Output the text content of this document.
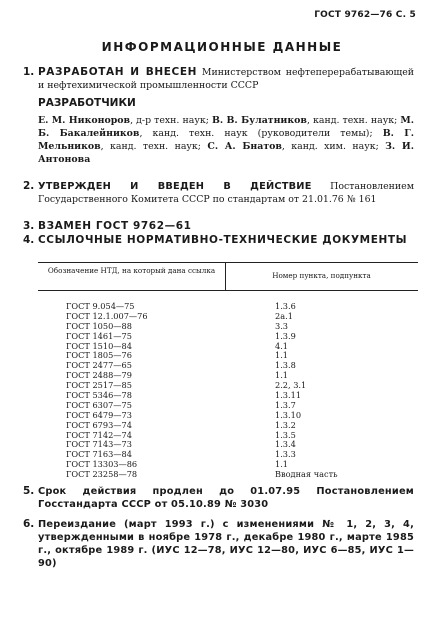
ГОСТ 9762—76 С. 5
ИНФОРМАЦИОННЫЕ ДАННЫЕ
1. РАЗРАБОТАН И ВНЕСЕН Министерством нефтеперерабатывающей и нефтехимической промышленности СССР
РАЗРАБОТЧИКИ
Е. М. Никоноров, д-р техн. наук; В. В. Булатников, канд. техн. наук; М. Б. Бакалейников, канд. техн. наук (руководители темы); В. Г. Мельников, канд. техн. наук; С. А. Бнатов, канд. хим. наук; З. И. Антонова
2. УТВЕРЖДЕН И ВВЕДЕН В ДЕЙСТВИЕ Постановлением Государственного Комитета СССР по стандартам от 21.01.76 № 161
3. ВЗАМЕН ГОСТ 9762—61
4. ССЫЛОЧНЫЕ НОРМАТИВНО-ТЕХНИЧЕСКИЕ ДОКУМЕНТЫ
Обозначение НТД, на который дана ссылка
Номер пункта, подпункта
ГОСТ 9.054—75	1.3.6
ГОСТ 12.1.007—76	2а.1
ГОСТ 1050—88	3.3
ГОСТ 1461—75	1.3.9
ГОСТ 1510—84	4.1
ГОСТ 1805—76	1.1
ГОСТ 2477—65	1.3.8
ГОСТ 2488—79	1.1
ГОСТ 2517—85	2.2, 3.1
ГОСТ 5346—78	1.3.11
ГОСТ 6307—75	1.3.7
ГОСТ 6479—73	1.3.10
ГОСТ 6793—74	1.3.2
ГОСТ 7142—74	1.3.5
ГОСТ 7143—73	1.3.4
ГОСТ 7163—84	1.3.3
ГОСТ 13303—86	1.1
ГОСТ 23258—78	Вводная часть
5. Срок действия продлен до 01.07.95 Постановлением Госстандарта СССР от 05.10.89 № 3030
6. Переиздание (март 1993 г.) с изменениями № 1, 2, 3, 4, утвержденными в ноябре 1978 г., декабре 1980 г., марте 1985 г., октябре 1989 г. (ИУС 12—78, ИУС 12—80, ИУС 6—85, ИУС 1—90)
